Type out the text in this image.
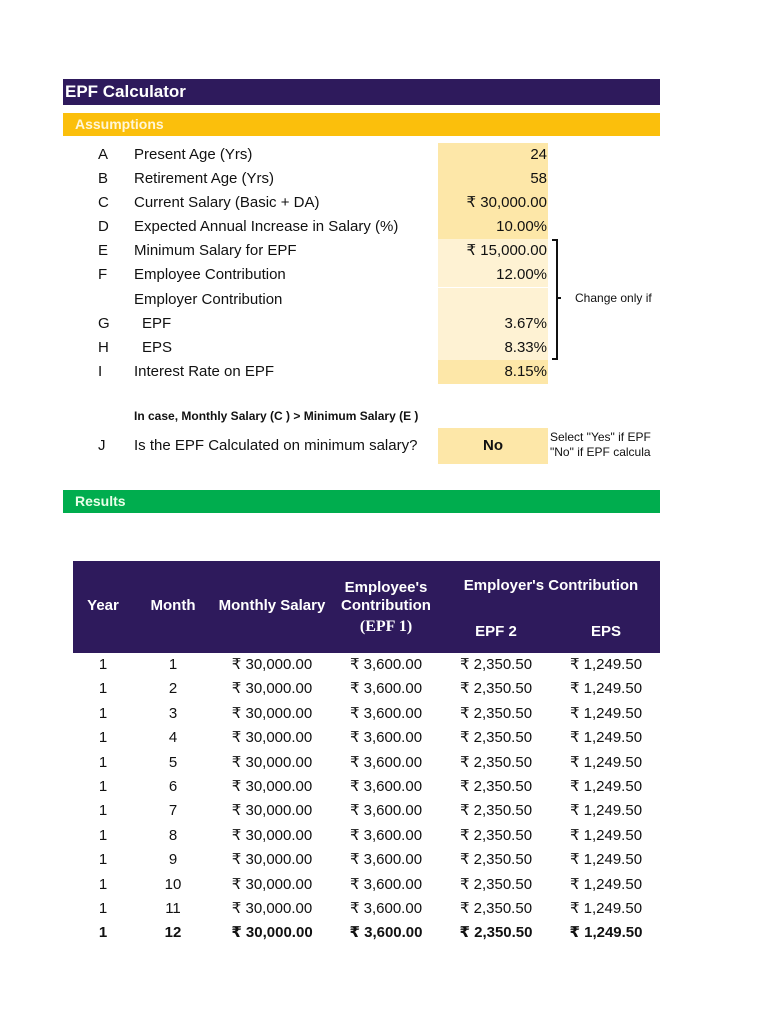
EPF Calculator
Assumptions
A Present Age (Yrs)	24
B Retirement Age (Yrs)	58
C Current Salary (Basic + DA)	₹ 30,000.00
D Expected Annual Increase in Salary (%)	10.00%
E Minimum Salary for EPF	₹ 15,000.00
F	Employee Contribution	12.00%
Employer Contribution
G EPF	3.67%
H EPS	8.33%
I	Interest Rate on EPF	8.15%
Change only if
In case, Monthly Salary (C ) > Minimum Salary (E )
J	Is the EPF Calculated on minimum salary?	No	Select "Yes" if EPF
"No" if EPF calcula
Results
Year	Month	Monthly Salary
Employee's
Contribution
(EPF 1)
Employer's Contribution
EPF 2	EPS
1	1	₹ 30,000.00	₹ 3,600.00	₹ 2,350.50	₹ 1,249.50
1	2	₹ 30,000.00	₹ 3,600.00	₹ 2,350.50	₹ 1,249.50
1	3	₹ 30,000.00	₹ 3,600.00	₹ 2,350.50	₹ 1,249.50
1	4	₹ 30,000.00	₹ 3,600.00	₹ 2,350.50	₹ 1,249.50
1	5	₹ 30,000.00	₹ 3,600.00	₹ 2,350.50	₹ 1,249.50
1	6	₹ 30,000.00	₹ 3,600.00	₹ 2,350.50	₹ 1,249.50
1	7	₹ 30,000.00	₹ 3,600.00	₹ 2,350.50	₹ 1,249.50
1	8	₹ 30,000.00	₹ 3,600.00	₹ 2,350.50	₹ 1,249.50
1	9	₹ 30,000.00	₹ 3,600.00	₹ 2,350.50	₹ 1,249.50
1	10	₹ 30,000.00	₹ 3,600.00	₹ 2,350.50	₹ 1,249.50
1	11	₹ 30,000.00	₹ 3,600.00	₹ 2,350.50	₹ 1,249.50
1	12	₹ 30,000.00	₹ 3,600.00	₹ 2,350.50	₹ 1,249.50
